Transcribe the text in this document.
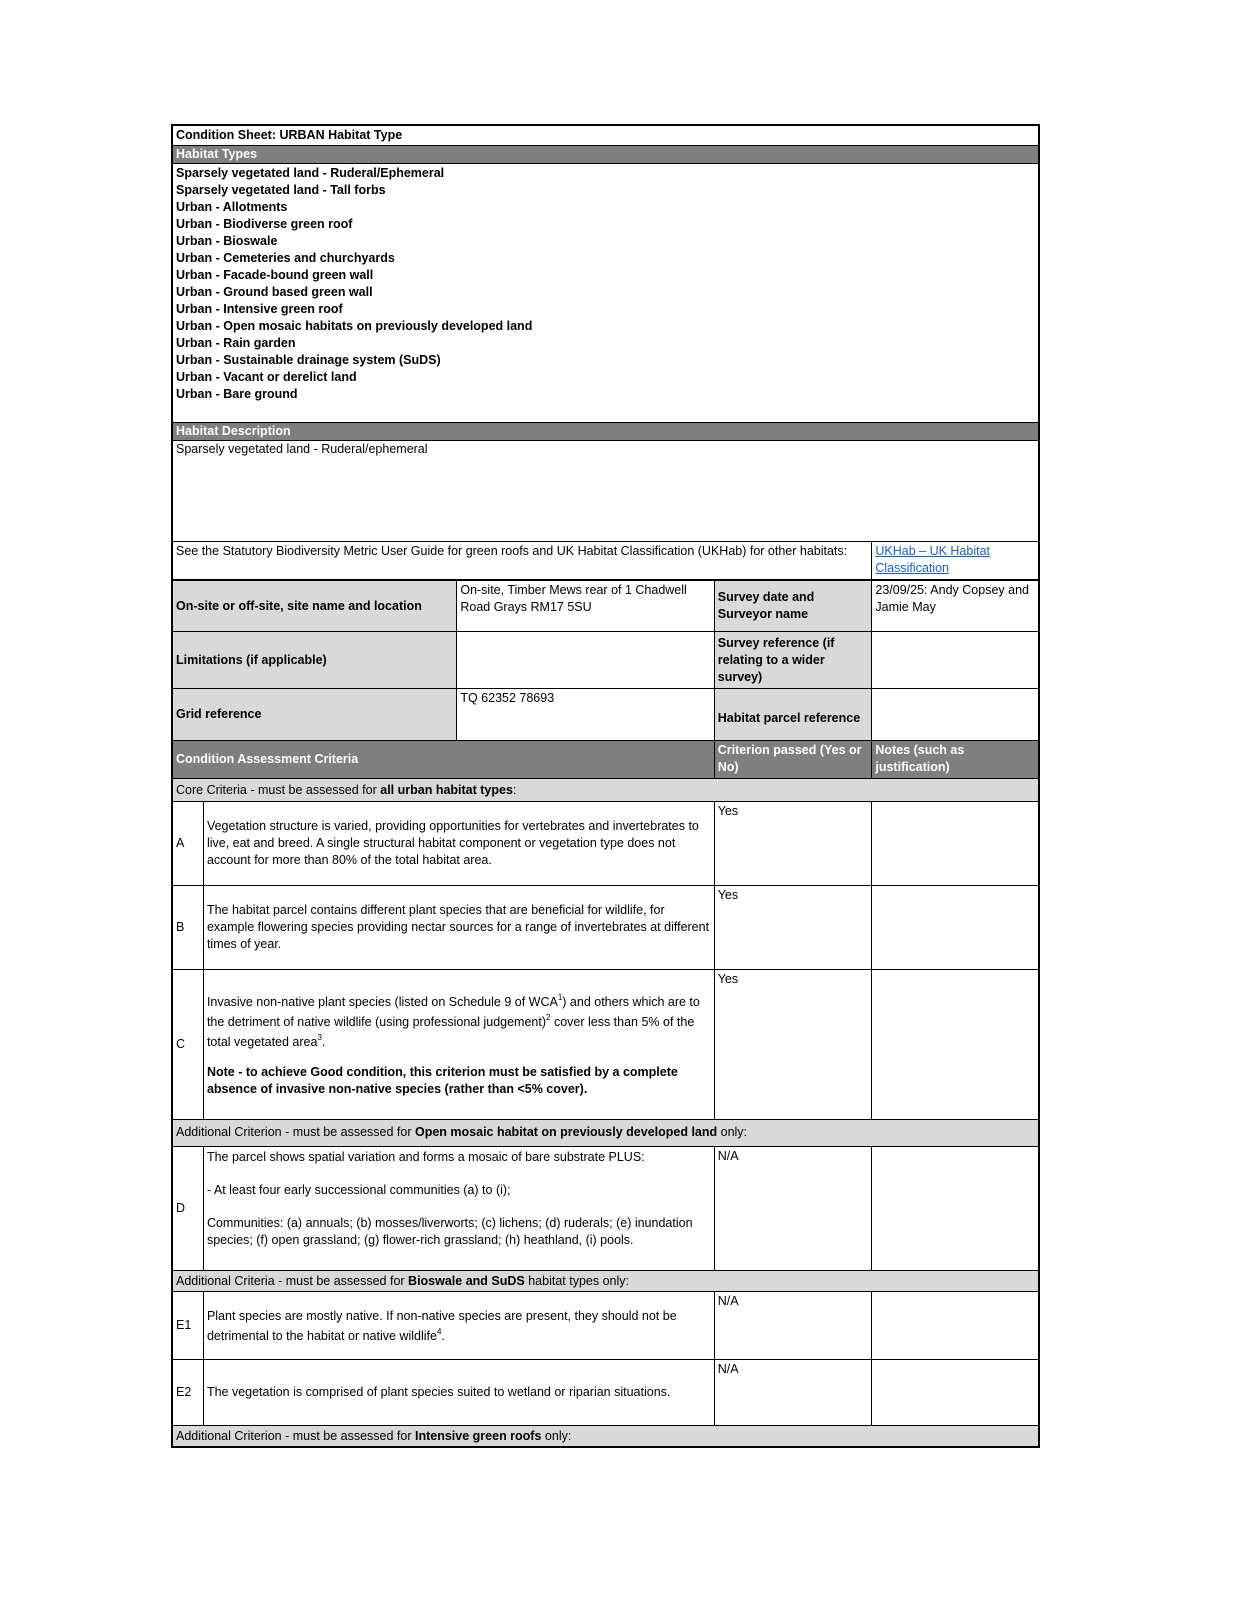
Condition Sheet: URBAN Habitat Type
Habitat Types
Sparsely vegetated land - Ruderal/Ephemeral
Sparsely vegetated land - Tall forbs
Urban - Allotments
Urban - Biodiverse green roof
Urban - Bioswale
Urban - Cemeteries and churchyards
Urban - Facade-bound green wall
Urban - Ground based green wall
Urban - Intensive green roof
Urban - Open mosaic habitats on previously developed land
Urban - Rain garden
Urban - Sustainable drainage system (SuDS)
Urban - Vacant or derelict land
Urban - Bare ground
Habitat Description
Sparsely vegetated land - Ruderal/ephemeral
See the Statutory Biodiversity Metric User Guide for green roofs and UK Habitat Classification (UKHab) for other habitats:	UKHab – UK Habitat Classification
On-site or off-site, site name and location
On-site, Timber Mews rear of 1 Chadwell Road Grays RM17 5SU
Survey date and Surveyor name
23/09/25: Andy Copsey and Jamie May
Limitations (if applicable)
Survey reference (if relating to a wider survey)
Grid reference
TQ 62352 78693
Habitat parcel reference
Condition Assessment Criteria
Criterion passed (Yes or No)
Notes (such as justification)
Core Criteria - must be assessed for all urban habitat types:
A
Vegetation structure is varied, providing opportunities for vertebrates and invertebrates to live, eat and breed. A single structural habitat component or vegetation type does not account for more than 80% of the total habitat area.
Yes
B
The habitat parcel contains different plant species that are beneficial for wildlife, for example flowering species providing nectar sources for a range of invertebrates at different times of year.
Yes
C

Invasive non-native plant species (listed on Schedule 9 of WCA$^1$) and others which are to the detriment of native wildlife (using professional judgement)$^2$ cover less than 5% of the total vegetated area$^3$.

Note - to achieve Good condition, this criterion must be satisfied by a complete absence of invasive non-native species (rather than <5% cover).

Yes
Additional Criterion - must be assessed for Open mosaic habitat on previously developed land only:
D

The parcel shows spatial variation and forms a mosaic of bare substrate PLUS:

- At least four early successional communities (a) to (i);

Communities: (a) annuals; (b) mosses/liverworts; (c) lichens; (d) ruderals; (e) inundation species; (f) open grassland; (g) flower-rich grassland; (h) heathland, (i) pools.

N/A
Additional Criteria - must be assessed for Bioswale and SuDS habitat types only:
E1

Plant species are mostly native. If non-native species are present, they should not be detrimental to the habitat or native wildlife$^4$.

N/A
E2	The vegetation is comprised of plant species suited to wetland or riparian situations.
N/A
Additional Criterion - must be assessed for Intensive green roofs only:
